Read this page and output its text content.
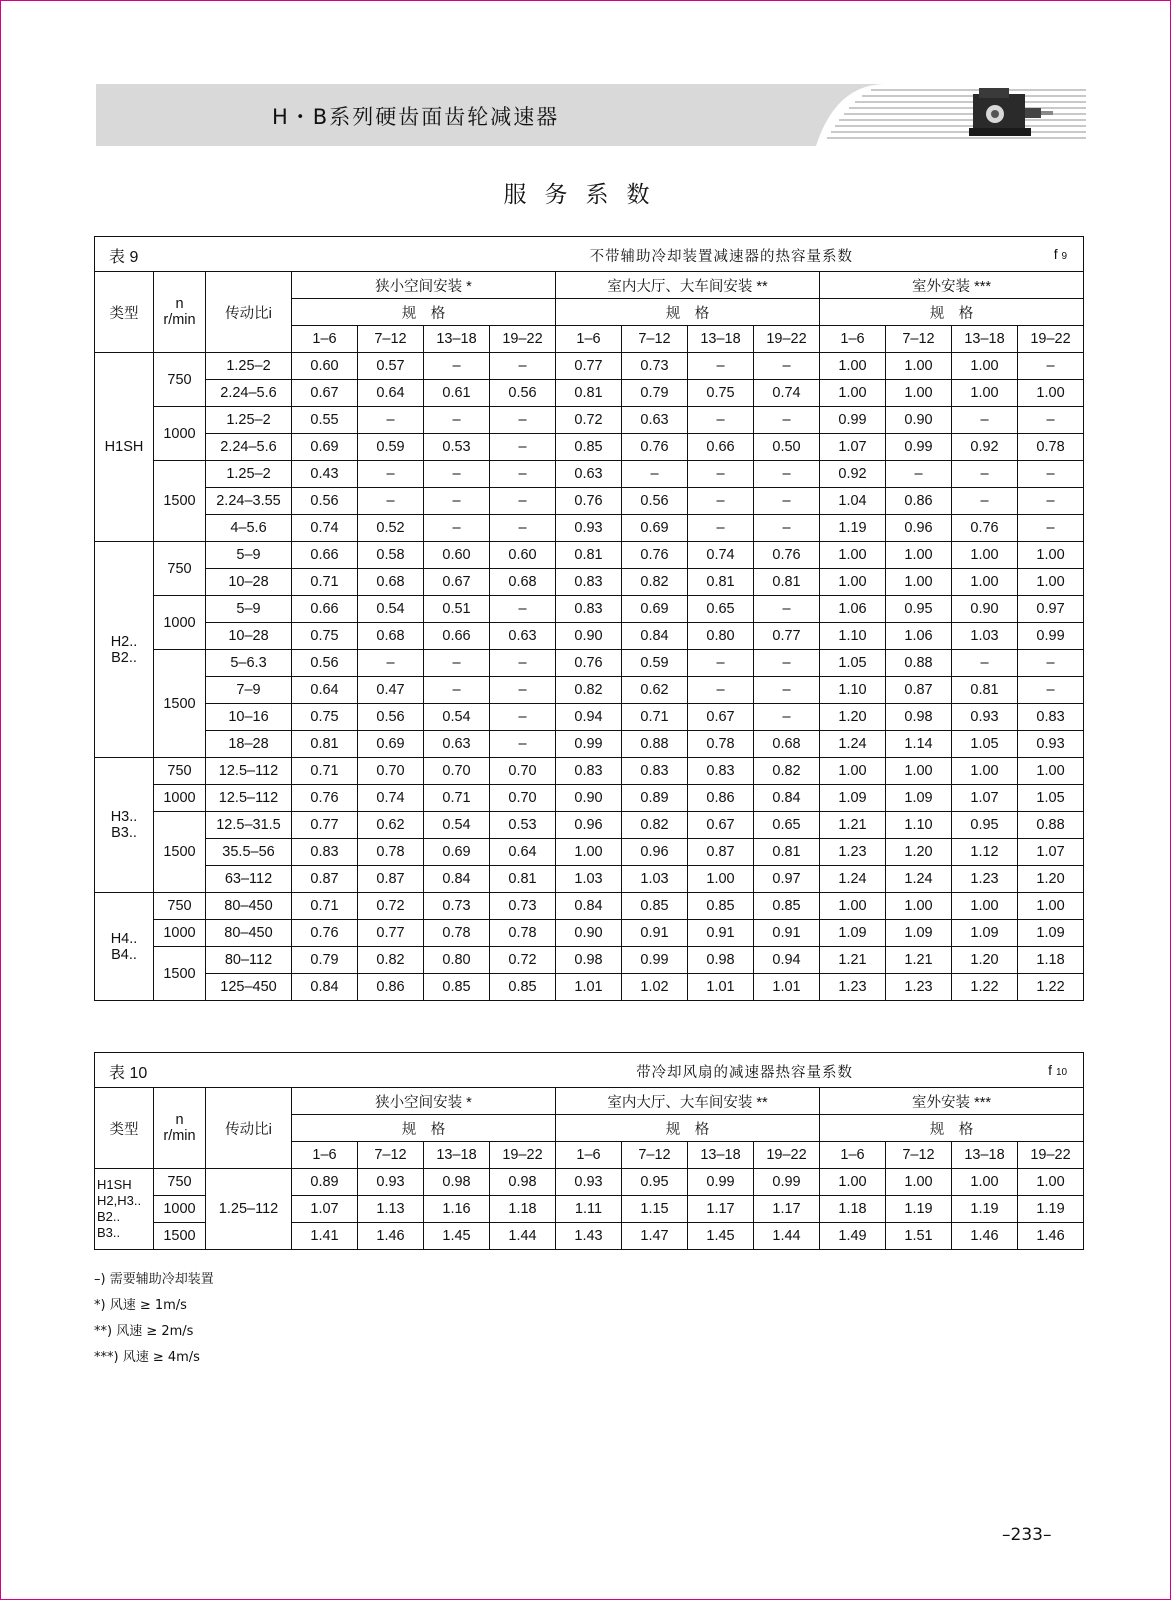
H・B系列硬齿面齿轮减速器
服务系数
表 9 不带辅助冷却装置减速器的热容量系数 f 9														

类型	n
r/min	传动比i	狭小空间安装 *				室内大厅、大车间安装 **				室外安装 ***			
			规　格				规　格				规　格			
			1–6	7–12	13–18	19–22	1–6	7–12	13–18	19–22	1–6	7–12	13–18	19–22
H1SH	750	1.25–2	0.60	0.57	–	–	0.77	0.73	–	–	1.00	1.00	1.00	–
		2.24–5.6	0.67	0.64	0.61	0.56	0.81	0.79	0.75	0.74	1.00	1.00	1.00	1.00
	1000	1.25–2	0.55	–	–	–	0.72	0.63	–	–	0.99	0.90	–	–
		2.24–5.6	0.69	0.59	0.53	–	0.85	0.76	0.66	0.50	1.07	0.99	0.92	0.78
	1500	1.25–2	0.43	–	–	–	0.63	–	–	–	0.92	–	–	–
		2.24–3.55	0.56	–	–	–	0.76	0.56	–	–	1.04	0.86	–	–
		4–5.6	0.74	0.52	–	–	0.93	0.69	–	–	1.19	0.96	0.76	–
H2..
B2..	750	5–9	0.66	0.58	0.60	0.60	0.81	0.76	0.74	0.76	1.00	1.00	1.00	1.00
		10–28	0.71	0.68	0.67	0.68	0.83	0.82	0.81	0.81	1.00	1.00	1.00	1.00
	1000	5–9	0.66	0.54	0.51	–	0.83	0.69	0.65	–	1.06	0.95	0.90	0.97
		10–28	0.75	0.68	0.66	0.63	0.90	0.84	0.80	0.77	1.10	1.06	1.03	0.99
	1500	5–6.3	0.56	–	–	–	0.76	0.59	–	–	1.05	0.88	–	–
		7–9	0.64	0.47	–	–	0.82	0.62	–	–	1.10	0.87	0.81	–
		10–16	0.75	0.56	0.54	–	0.94	0.71	0.67	–	1.20	0.98	0.93	0.83
		18–28	0.81	0.69	0.63	–	0.99	0.88	0.78	0.68	1.24	1.14	1.05	0.93
H3..
B3..	750	12.5–112	0.71	0.70	0.70	0.70	0.83	0.83	0.83	0.82	1.00	1.00	1.00	1.00
	1000	12.5–112	0.76	0.74	0.71	0.70	0.90	0.89	0.86	0.84	1.09	1.09	1.07	1.05
	1500	12.5–31.5	0.77	0.62	0.54	0.53	0.96	0.82	0.67	0.65	1.21	1.10	0.95	0.88
		35.5–56	0.83	0.78	0.69	0.64	1.00	0.96	0.87	0.81	1.23	1.20	1.12	1.07
		63–112	0.87	0.87	0.84	0.81	1.03	1.03	1.00	0.97	1.24	1.24	1.23	1.20
H4..
B4..	750	80–450	0.71	0.72	0.73	0.73	0.84	0.85	0.85	0.85	1.00	1.00	1.00	1.00
	1000	80–450	0.76	0.77	0.78	0.78	0.90	0.91	0.91	0.91	1.09	1.09	1.09	1.09
	1500	80–112	0.79	0.82	0.80	0.72	0.98	0.99	0.98	0.94	1.21	1.21	1.20	1.18
		125–450	0.84	0.86	0.85	0.85	1.01	1.02	1.01	1.01	1.23	1.23	1.22	1.22
表 10 带冷却风扇的减速器热容量系数 f 10														

类型	n
r/min	传动比i	狭小空间安装 *				室内大厅、大车间安装 **				室外安装 ***			
			规　格				规　格				规　格			
			1–6	7–12	13–18	19–22	1–6	7–12	13–18	19–22	1–6	7–12	13–18	19–22
H1SH
H2,H3..
B2..
B3..	750	1.25–112	0.89	0.93	0.98	0.98	0.93	0.95	0.99	0.99	1.00	1.00	1.00	1.00
	1000		1.07	1.13	1.16	1.18	1.11	1.15	1.17	1.17	1.18	1.19	1.19	1.19
	1500		1.41	1.46	1.45	1.44	1.43	1.47	1.45	1.44	1.49	1.51	1.46	1.46
–) 需要辅助冷却装置
*) 风速 ≥ 1m/s
**) 风速 ≥ 2m/s
***) 风速 ≥ 4m/s
–233–
